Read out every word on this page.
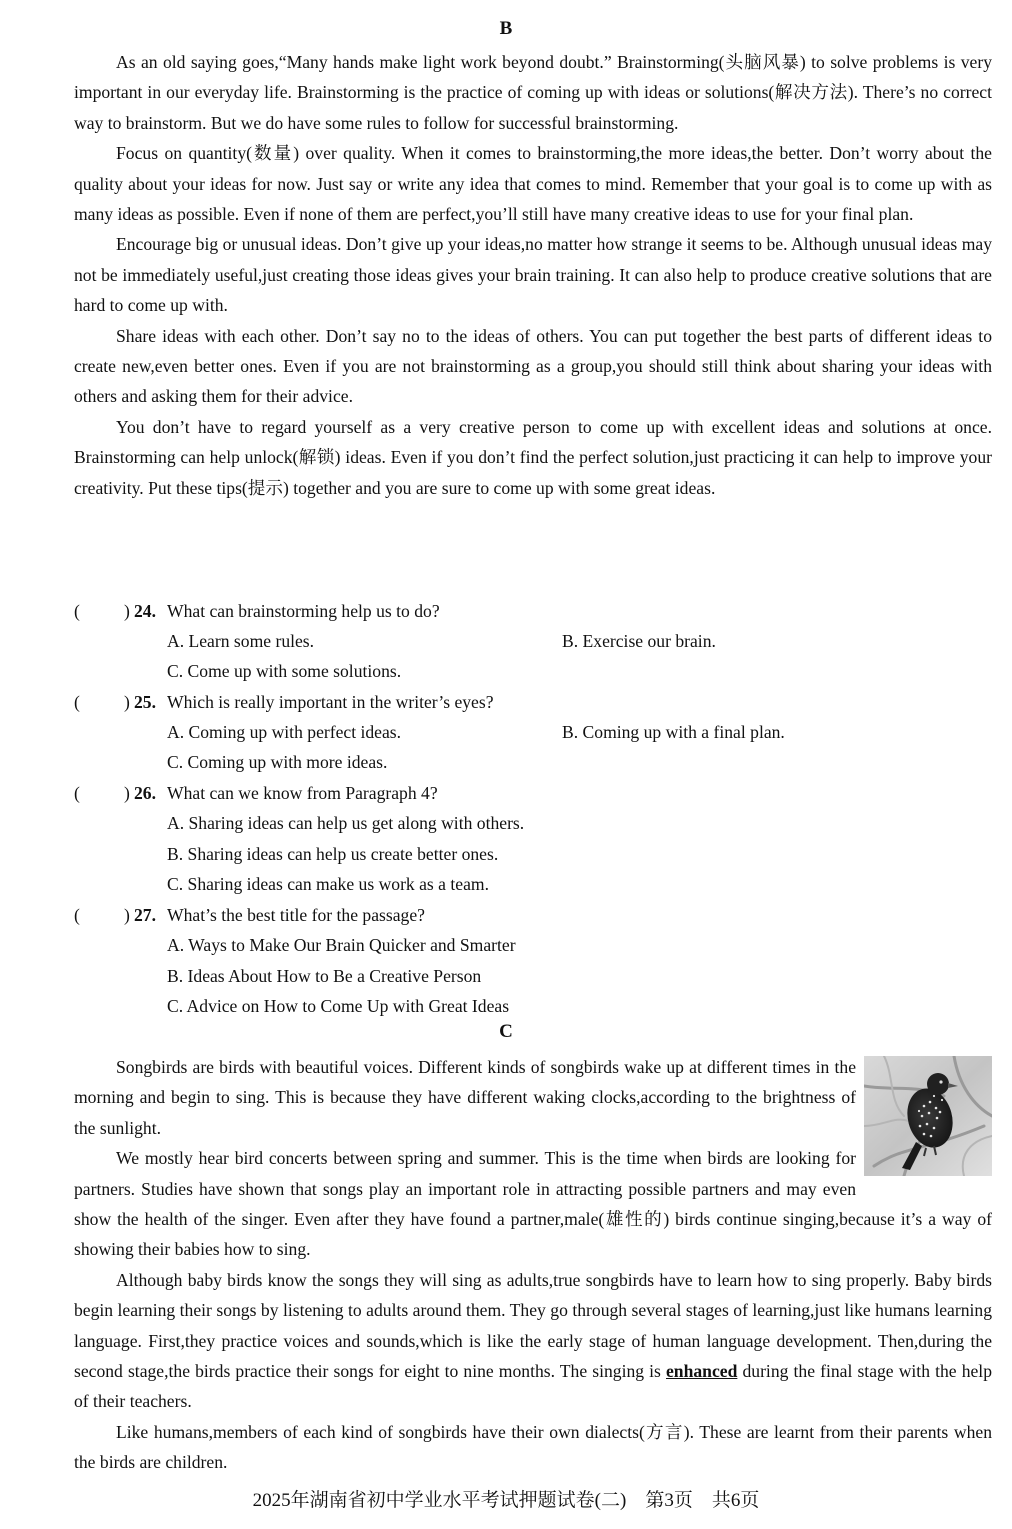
B

As an old saying goes,“Many hands make light work beyond doubt.” Brainstorming(头脑风暴) to solve problems is very important in our everyday life. Brainstorming is the practice of coming up with ideas or solutions(解决方法). There’s no correct way to brainstorm. But we do have some rules to follow for successful brainstorming.

Focus on quantity(数量) over quality. When it comes to brainstorming,the more ideas,the better. Don’t worry about the quality about your ideas for now. Just say or write any idea that comes to mind. Remember that your goal is to come up with as many ideas as possible. Even if none of them are perfect,you’ll still have many creative ideas to use for your final plan.

Encourage big or unusual ideas. Don’t give up your ideas,no matter how strange it seems to be. Although unusual ideas may not be immediately useful,just creating those ideas gives your brain training. It can also help to produce creative solutions that are hard to come up with.

Share ideas with each other. Don’t say no to the ideas of others. You can put together the best parts of different ideas to create new,even better ones. Even if you are not brainstorming as a group,you should still think about sharing your ideas with others and asking them for their advice.

You don’t have to regard yourself as a very creative person to come up with excellent ideas and solutions at once. Brainstorming can help unlock(解锁) ideas. Even if you don’t find the perfect solution,just practicing it can help to improve your creativity. Put these tips(提示) together and you are sure to come up with some great ideas.

(	) 24. What can brainstorming help us to do?
A. Learn some rules.	B. Exercise our brain.
C. Come up with some solutions.
(	) 25. Which is really important in the writer’s eyes?
A. Coming up with perfect ideas.	B. Coming up with a final plan.
C. Coming up with more ideas.
(	) 26. What can we know from Paragraph 4?
A. Sharing ideas can help us get along with others.
B. Sharing ideas can help us create better ones.
C. Sharing ideas can make us work as a team.
(	) 27. What’s the best title for the passage?
A. Ways to Make Our Brain Quicker and Smarter
B. Ideas About How to Be a Creative Person
C. Advice on How to Come Up with Great Ideas
C

Songbirds are birds with beautiful voices. Different kinds of songbirds wake up at different times in the morning and begin to sing. This is because they have different waking clocks,according to the brightness of the sunlight.

We mostly hear bird concerts between spring and summer. This is the time when birds are looking for partners. Studies have shown that songs play an important role in attracting possible partners and may even show the health of the singer. Even after they have found a partner,male(雄性的) birds continue singing,because it’s a way of showing their babies how to sing.

Although baby birds know the songs they will sing as adults,true songbirds have to learn how to sing properly. Baby birds begin learning their songs by listening to adults around them. They go through several stages of learning,just like humans learning language. First,they practice voices and sounds,which is like the early stage of human language development. Then,during the second stage,the birds practice their songs for eight to nine months. The singing is enhanced during the final stage with the help of their teachers.

Like humans,members of each kind of songbirds have their own dialects(方言). These are learnt from their parents when the birds are children.

2025年湖南省初中学业水平考试押题试卷(二)　第3页　共6页
